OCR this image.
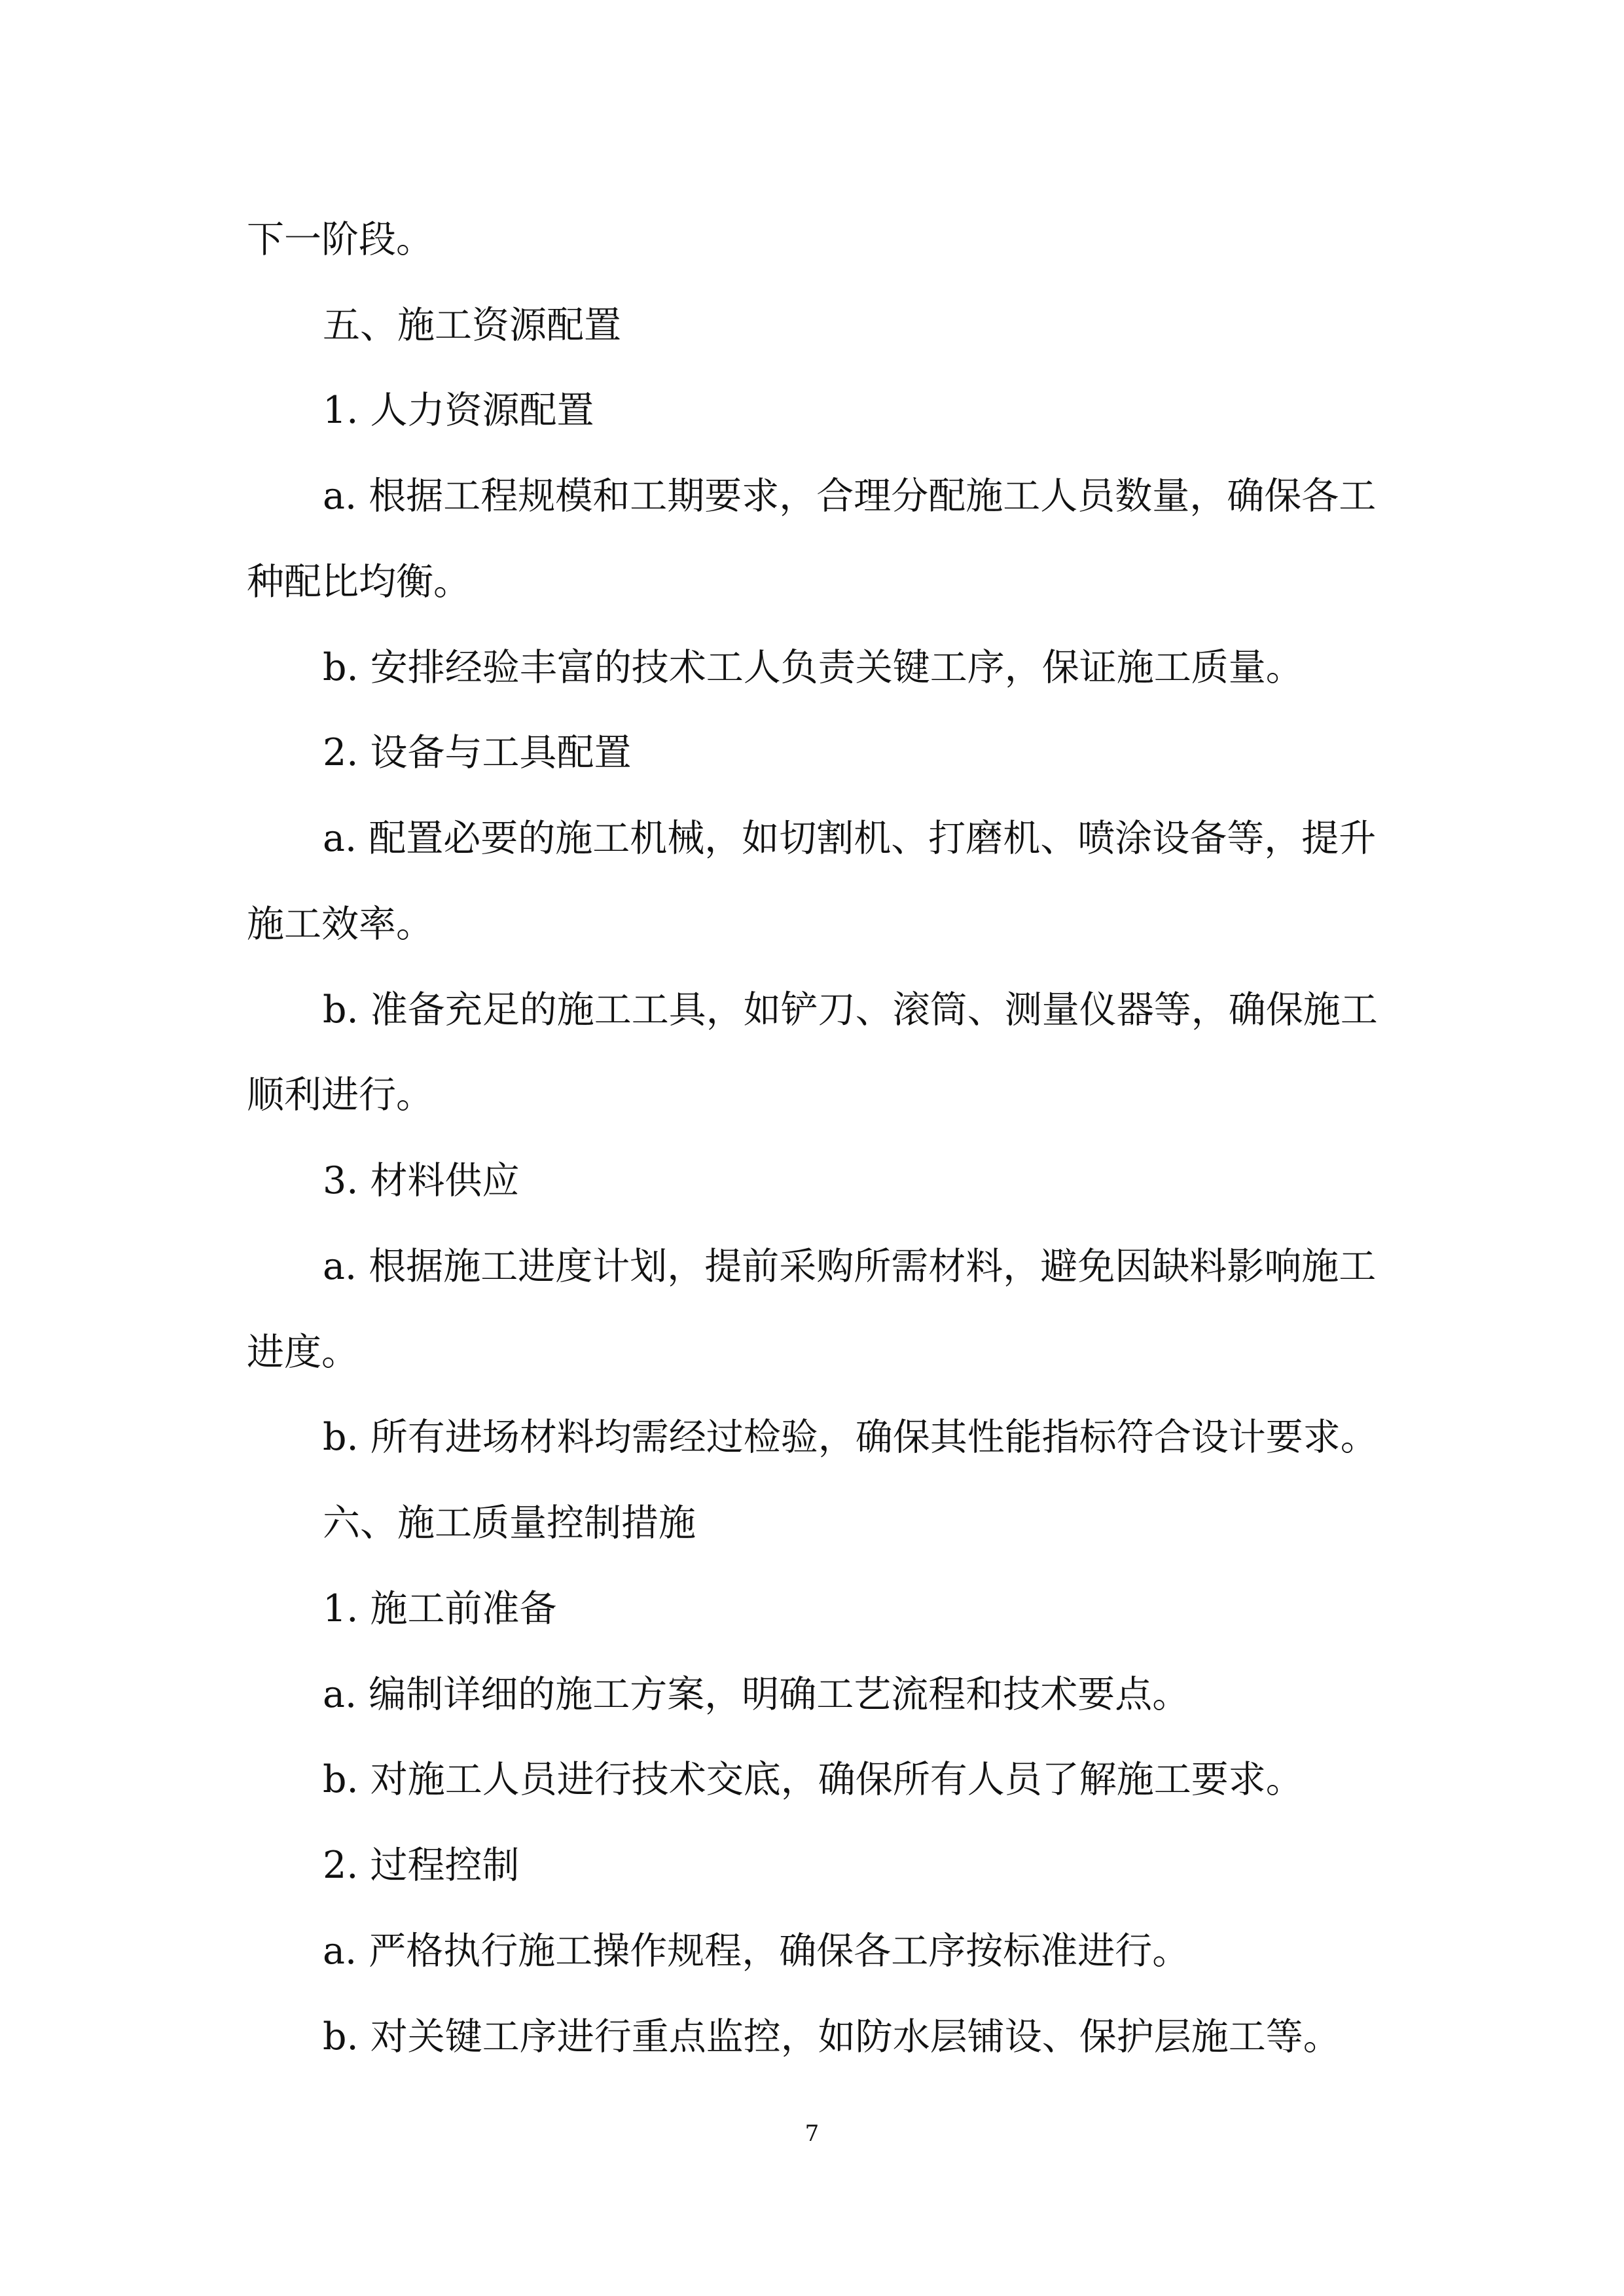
下一阶段。
五、施工资源配置
1. 人力资源配置
a. 根据工程规模和工期要求，合理分配施工人员数量，确保各工
种配比均衡。
b. 安排经验丰富的技术工人负责关键工序，保证施工质量。
2. 设备与工具配置
a. 配置必要的施工机械，如切割机、打磨机、喷涂设备等，提升
施工效率。
b. 准备充足的施工工具，如铲刀、滚筒、测量仪器等，确保施工
顺利进行。
3. 材料供应
a. 根据施工进度计划，提前采购所需材料，避免因缺料影响施工
进度。
b. 所有进场材料均需经过检验，确保其性能指标符合设计要求。
六、施工质量控制措施
1. 施工前准备
a. 编制详细的施工方案，明确工艺流程和技术要点。
b. 对施工人员进行技术交底，确保所有人员了解施工要求。
2. 过程控制
a. 严格执行施工操作规程，确保各工序按标准进行。
b. 对关键工序进行重点监控，如防水层铺设、保护层施工等。
7
